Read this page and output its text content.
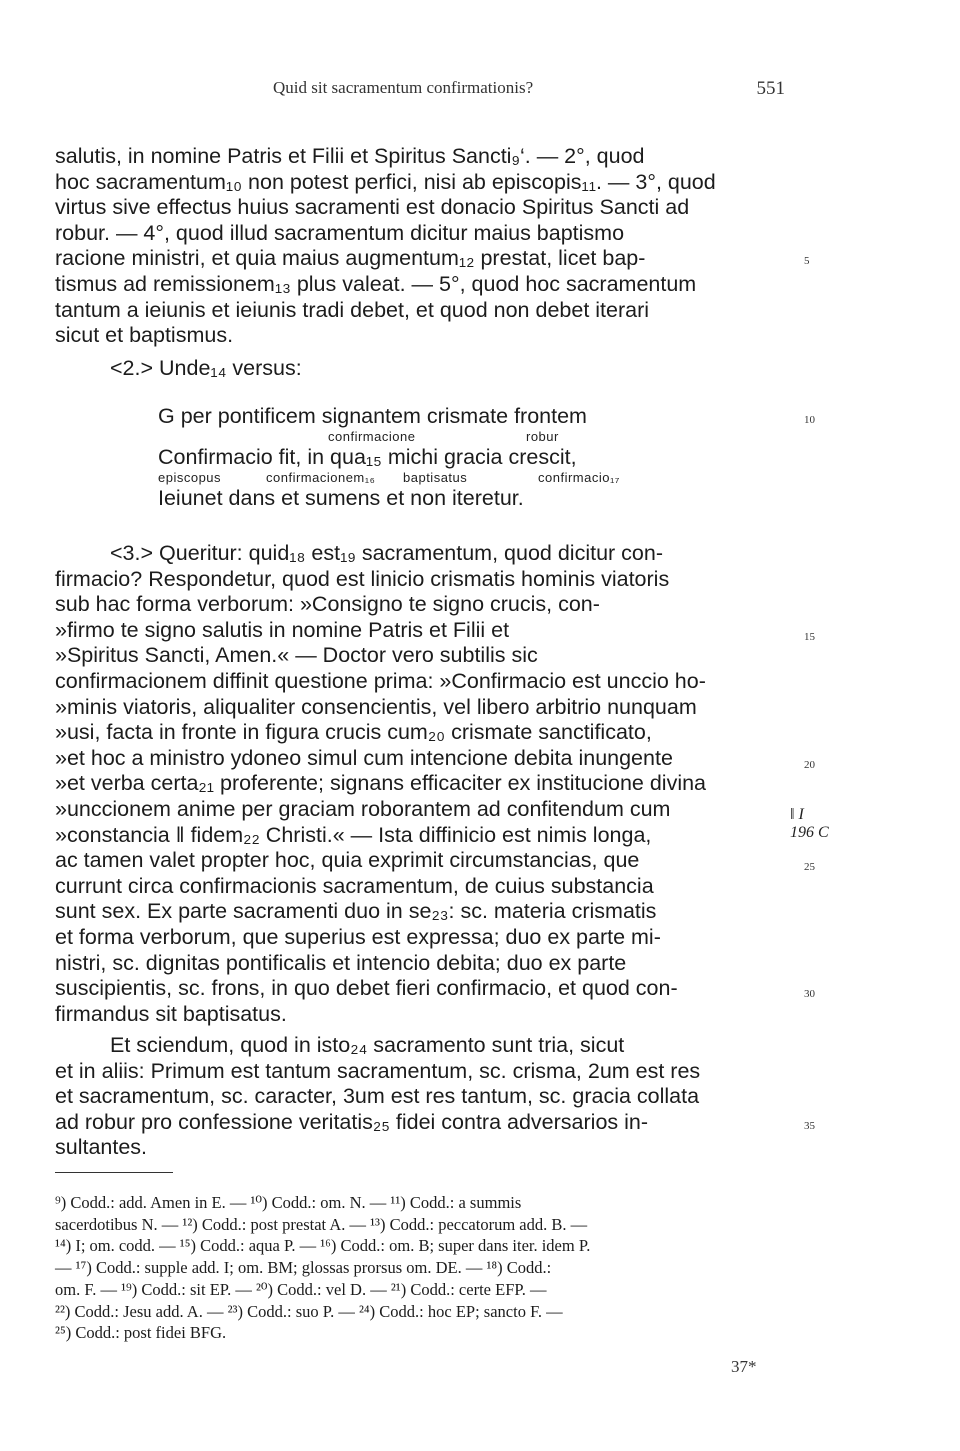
Quid sit sacramentum confirmationis?	551
salutis, in nomine Patris et Filii et Spiritus Sancti₉‘. — 2°, quod
hoc sacramentum₁₀ non potest perfici, nisi ab episcopis₁₁. — 3°, quod
virtus sive effectus huius sacramenti est donacio Spiritus Sancti ad
robur. — 4°, quod illud sacramentum dicitur maius baptismo
racione ministri, et quia maius augmentum₁₂ prestat, licet bap-
tismus ad remissionem₁₃ plus valeat. — 5°, quod hoc sacramentum
tantum a ieiunis et ieiunis tradi debet, et quod non debet iterari
sicut et baptismus.
<2.> Unde₁₄ versus:
G per pontificem signantem crismate frontem
confirmacione	robur
Confirmacio fit, in qua₁₅ michi gracia crescit,
episcopus	confirmacionem₁₆ baptisatus	confirmacio₁₇
Ieiunet dans et sumens et non iteretur.
<3.> Queritur: quid₁₈ est₁₉ sacramentum, quod dicitur con-
firmacio? Respondetur, quod est linicio crismatis hominis viatoris
sub hac forma verborum: »Consigno te signo crucis, con-
»firmo te signo salutis in nomine Patris et Filii et
»Spiritus Sancti, Amen.« — Doctor vero subtilis sic
confirmacionem diffinit questione prima: »Confirmacio est unccio ho-
»minis viatoris, aliqualiter consencientis, vel libero arbitrio nunquam
»usi, facta in fronte in figura crucis cum₂₀ crismate sanctificato,
»et hoc a ministro ydoneo simul cum intencione debita inungente
»et verba certa₂₁ proferente; signans efficaciter ex institucione divina
»unccionem anime per graciam roborantem ad confitendum cum
»constancia ‖ fidem₂₂ Christi.« — Ista diffinicio est nimis longa,
ac tamen valet propter hoc, quia exprimit circumstancias, que
currunt circa confirmacionis sacramentum, de cuius substancia
sunt sex. Ex parte sacramenti duo in se₂₃: sc. materia crismatis
et forma verborum, que superius est expressa; duo ex parte mi-
nistri, sc. dignitas pontificalis et intencio debita; duo ex parte
suscipientis, sc. frons, in quo debet fieri confirmacio, et quod con-
firmandus sit baptisatus.
Et sciendum, quod in isto₂₄ sacramento sunt tria, sicut
et in aliis: Primum est tantum sacramentum, sc. crisma, 2um est res
et sacramentum, sc. caracter, 3um est res tantum, sc. gracia collata
ad robur pro confessione veritatis₂₅ fidei contra adversarios in-
sultantes.
5
10
15
20
25
30
35
‖ I
196 C
⁹) Codd.: add. Amen in E. — ¹⁰) Codd.: om. N. — ¹¹) Codd.: a summis
sacerdotibus N. — ¹²) Codd.: post prestat A. — ¹³) Codd.: peccatorum add. B. —
¹⁴) I; om. codd. — ¹⁵) Codd.: aqua P. — ¹⁶) Codd.: om. B; super dans iter. idem P.
— ¹⁷) Codd.: supple add. I; om. BM; glossas prorsus om. DE. — ¹⁸) Codd.:
om. F. — ¹⁹) Codd.: sit EP. — ²⁰) Codd.: vel D. — ²¹) Codd.: certe EFP. —
²²) Codd.: Jesu add. A. — ²³) Codd.: suo P. — ²⁴) Codd.: hoc EP; sancto F. —
²⁵) Codd.: post fidei BFG.
37*
